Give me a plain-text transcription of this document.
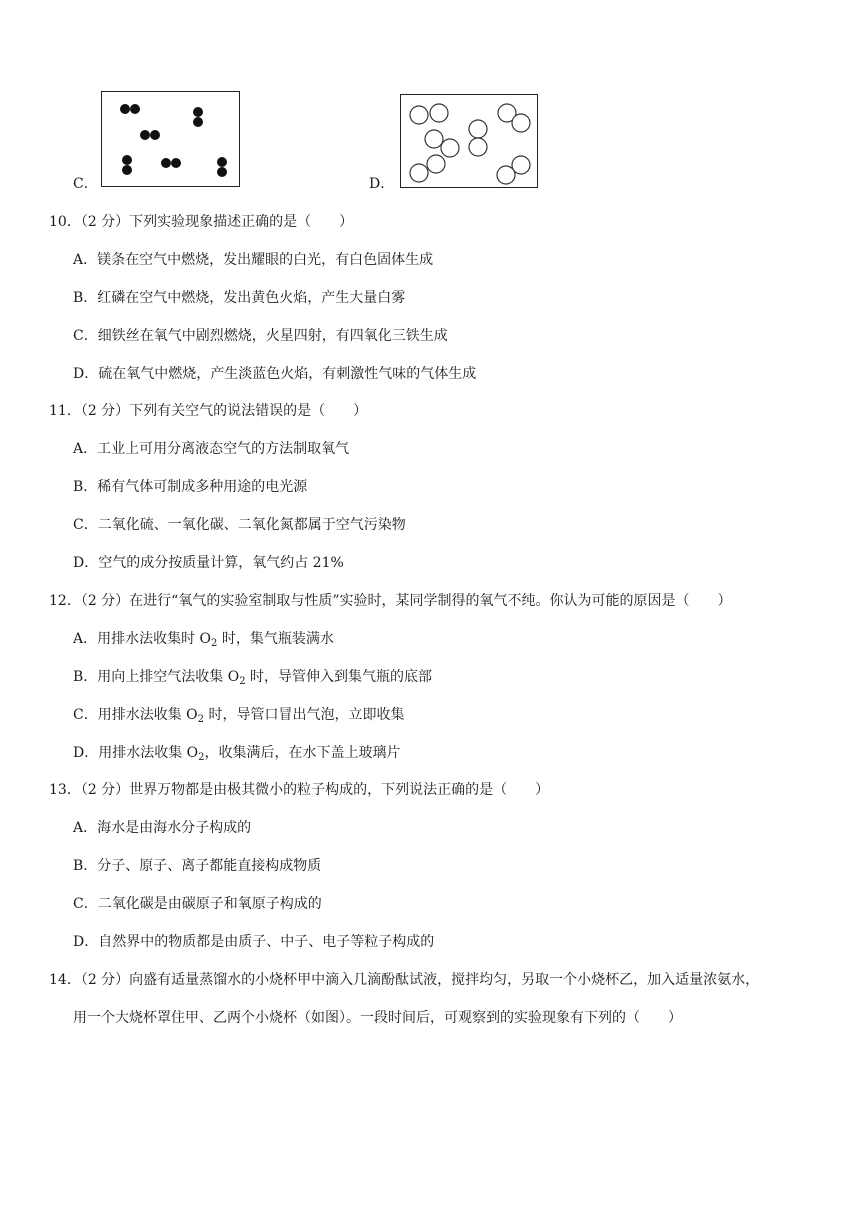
C．	D．
10．（2 分）下列实验现象描述正确的是（　　）
A．镁条在空气中燃烧，发出耀眼的白光，有白色固体生成
B．红磷在空气中燃烧，发出黄色火焰，产生大量白雾
C．细铁丝在氧气中剧烈燃烧，火星四射，有四氧化三铁生成
D．硫在氧气中燃烧，产生淡蓝色火焰，有刺激性气味的气体生成
11．（2 分）下列有关空气的说法错误的是（　　）
A．工业上可用分离液态空气的方法制取氧气
B．稀有气体可制成多种用途的电光源
C．二氧化硫、一氧化碳、二氧化氮都属于空气污染物
D．空气的成分按质量计算，氧气约占 21%
12．（2 分）在进行“氧气的实验室制取与性质”实验时，某同学制得的氧气不纯。你认为可能的原因是（　　）
A．用排水法收集时 $O_2$ 时，集气瓶装满水
B．用向上排空气法收集 $O_2$ 时，导管伸入到集气瓶的底部
C．用排水法收集 $O_2$ 时，导管口冒出气泡，立即收集
D．用排水法收集 $O_2$，收集满后，在水下盖上玻璃片
13．（2 分）世界万物都是由极其微小的粒子构成的，下列说法正确的是（　　）
A．海水是由海水分子构成的
B．分子、原子、离子都能直接构成物质
C．二氧化碳是由碳原子和氧原子构成的
D．自然界中的物质都是由质子、中子、电子等粒子构成的
14．（2 分）向盛有适量蒸馏水的小烧杯甲中滴入几滴酚酞试液，搅拌均匀，另取一个小烧杯乙，加入适量浓氨水，
用一个大烧杯罩住甲、乙两个小烧杯（如图）。一段时间后，可观察到的实验现象有下列的（　　）
